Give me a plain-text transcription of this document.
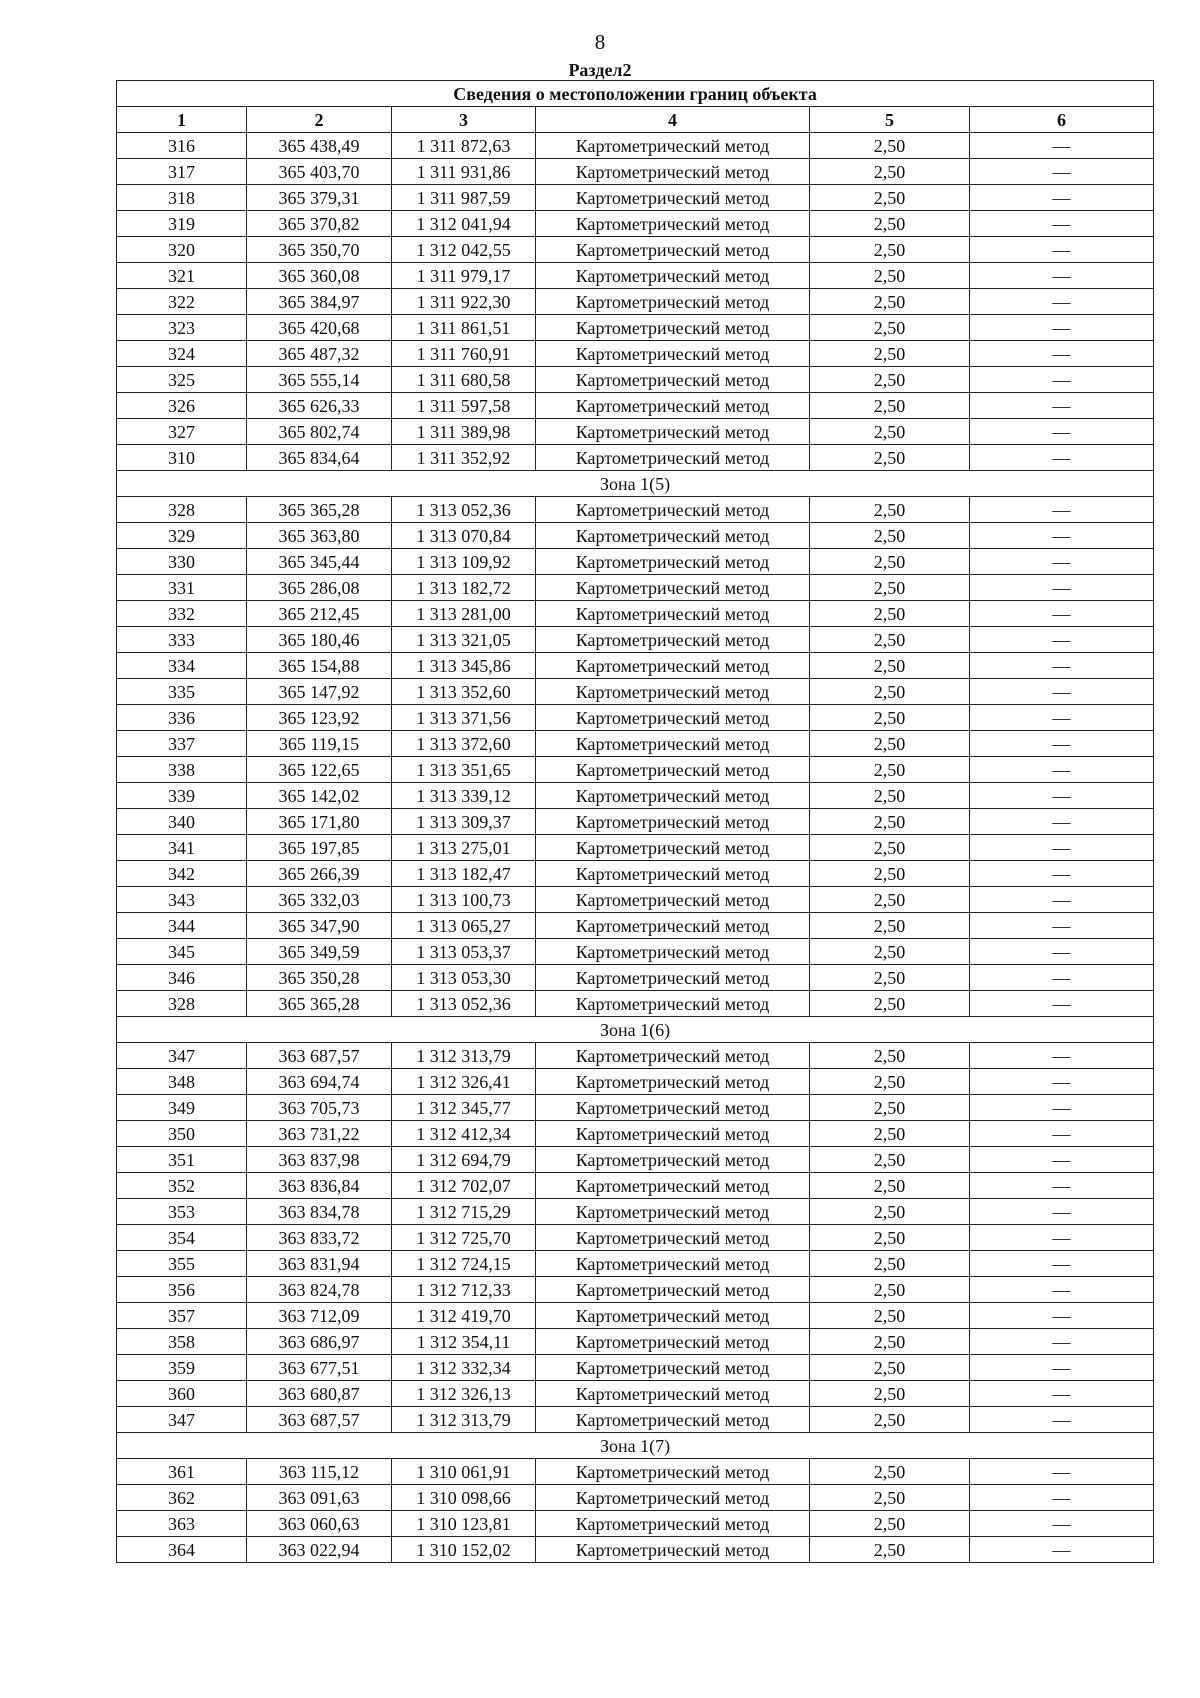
8
Раздел2
Сведения о местоположении границ объекта					
1	2	3	4	5	6
316	365 438,49	1 311 872,63	Картометрический метод	2,50	—
317	365 403,70	1 311 931,86	Картометрический метод	2,50	—
318	365 379,31	1 311 987,59	Картометрический метод	2,50	—
319	365 370,82	1 312 041,94	Картометрический метод	2,50	—
320	365 350,70	1 312 042,55	Картометрический метод	2,50	—
321	365 360,08	1 311 979,17	Картометрический метод	2,50	—
322	365 384,97	1 311 922,30	Картометрический метод	2,50	—
323	365 420,68	1 311 861,51	Картометрический метод	2,50	—
324	365 487,32	1 311 760,91	Картометрический метод	2,50	—
325	365 555,14	1 311 680,58	Картометрический метод	2,50	—
326	365 626,33	1 311 597,58	Картометрический метод	2,50	—
327	365 802,74	1 311 389,98	Картометрический метод	2,50	—
310	365 834,64	1 311 352,92	Картометрический метод	2,50	—
Зона 1(5)					
328	365 365,28	1 313 052,36	Картометрический метод	2,50	—
329	365 363,80	1 313 070,84	Картометрический метод	2,50	—
330	365 345,44	1 313 109,92	Картометрический метод	2,50	—
331	365 286,08	1 313 182,72	Картометрический метод	2,50	—
332	365 212,45	1 313 281,00	Картометрический метод	2,50	—
333	365 180,46	1 313 321,05	Картометрический метод	2,50	—
334	365 154,88	1 313 345,86	Картометрический метод	2,50	—
335	365 147,92	1 313 352,60	Картометрический метод	2,50	—
336	365 123,92	1 313 371,56	Картометрический метод	2,50	—
337	365 119,15	1 313 372,60	Картометрический метод	2,50	—
338	365 122,65	1 313 351,65	Картометрический метод	2,50	—
339	365 142,02	1 313 339,12	Картометрический метод	2,50	—
340	365 171,80	1 313 309,37	Картометрический метод	2,50	—
341	365 197,85	1 313 275,01	Картометрический метод	2,50	—
342	365 266,39	1 313 182,47	Картометрический метод	2,50	—
343	365 332,03	1 313 100,73	Картометрический метод	2,50	—
344	365 347,90	1 313 065,27	Картометрический метод	2,50	—
345	365 349,59	1 313 053,37	Картометрический метод	2,50	—
346	365 350,28	1 313 053,30	Картометрический метод	2,50	—
328	365 365,28	1 313 052,36	Картометрический метод	2,50	—
Зона 1(6)					
347	363 687,57	1 312 313,79	Картометрический метод	2,50	—
348	363 694,74	1 312 326,41	Картометрический метод	2,50	—
349	363 705,73	1 312 345,77	Картометрический метод	2,50	—
350	363 731,22	1 312 412,34	Картометрический метод	2,50	—
351	363 837,98	1 312 694,79	Картометрический метод	2,50	—
352	363 836,84	1 312 702,07	Картометрический метод	2,50	—
353	363 834,78	1 312 715,29	Картометрический метод	2,50	—
354	363 833,72	1 312 725,70	Картометрический метод	2,50	—
355	363 831,94	1 312 724,15	Картометрический метод	2,50	—
356	363 824,78	1 312 712,33	Картометрический метод	2,50	—
357	363 712,09	1 312 419,70	Картометрический метод	2,50	—
358	363 686,97	1 312 354,11	Картометрический метод	2,50	—
359	363 677,51	1 312 332,34	Картометрический метод	2,50	—
360	363 680,87	1 312 326,13	Картометрический метод	2,50	—
347	363 687,57	1 312 313,79	Картометрический метод	2,50	—
Зона 1(7)					
361	363 115,12	1 310 061,91	Картометрический метод	2,50	—
362	363 091,63	1 310 098,66	Картометрический метод	2,50	—
363	363 060,63	1 310 123,81	Картометрический метод	2,50	—
364	363 022,94	1 310 152,02	Картометрический метод	2,50	—
